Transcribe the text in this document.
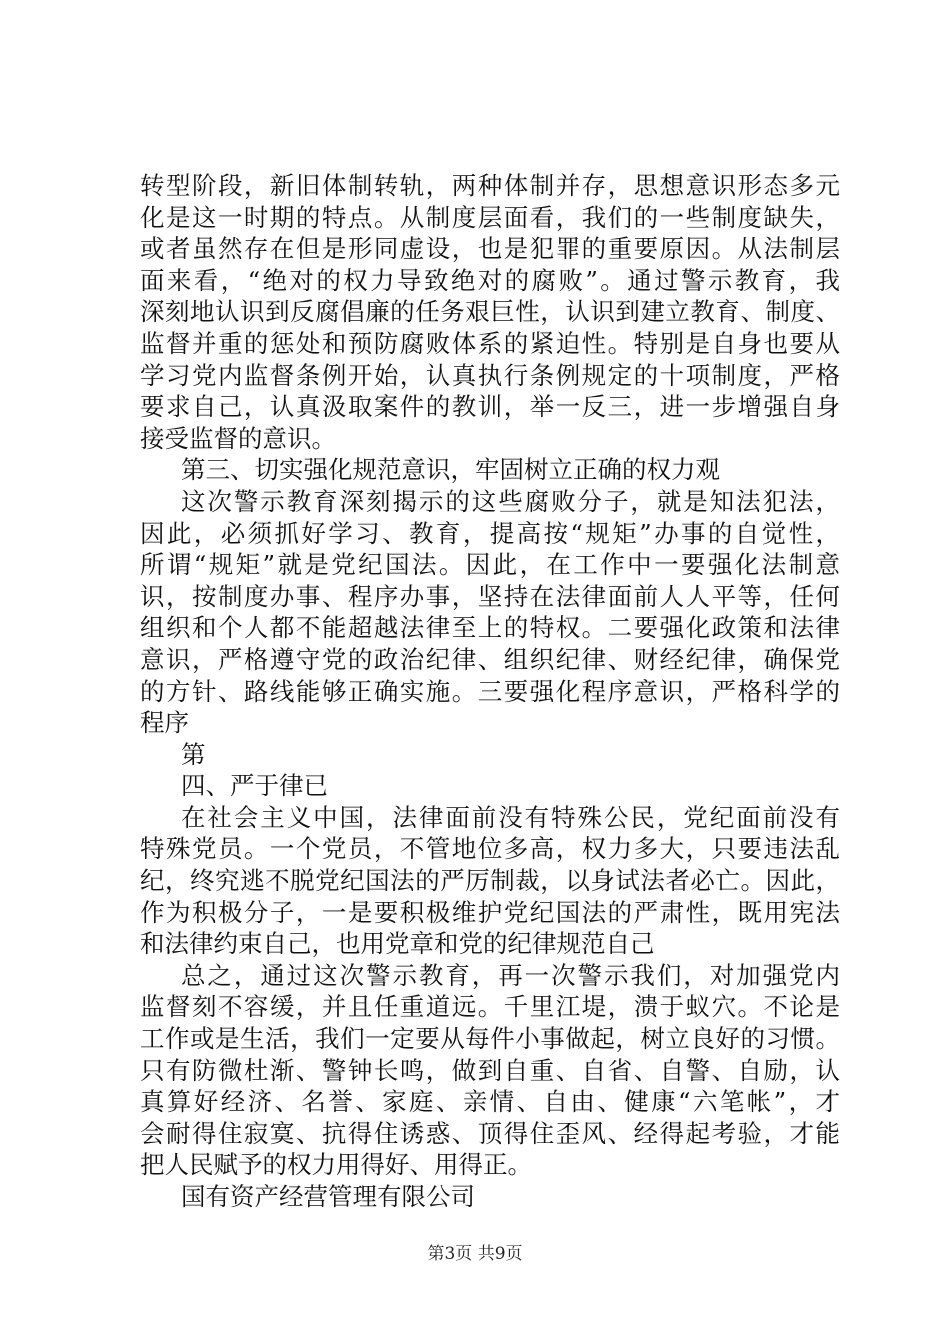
转型阶段，新旧体制转轨，两种体制并存，思想意识形态多元
化是这一时期的特点。从制度层面看，我们的一些制度缺失，
或者虽然存在但是形同虚设，也是犯罪的重要原因。从法制层
面来看，“绝对的权力导致绝对的腐败”。通过警示教育，我
深刻地认识到反腐倡廉的任务艰巨性，认识到建立教育、制度、
监督并重的惩处和预防腐败体系的紧迫性。特别是自身也要从
学习党内监督条例开始，认真执行条例规定的十项制度，严格
要求自己，认真汲取案件的教训，举一反三，进一步增强自身
接受监督的意识。
第三、切实强化规范意识，牢固树立正确的权力观
这次警示教育深刻揭示的这些腐败分子，就是知法犯法，
因此，必须抓好学习、教育，提高按“规矩”办事的自觉性，
所谓“规矩”就是党纪国法。因此，在工作中一要强化法制意
识，按制度办事、程序办事，坚持在法律面前人人平等，任何
组织和个人都不能超越法律至上的特权。二要强化政策和法律
意识，严格遵守党的政治纪律、组织纪律、财经纪律，确保党
的方针、路线能够正确实施。三要强化程序意识，严格科学的
程序
第
四、严于律已
在社会主义中国，法律面前没有特殊公民，党纪面前没有
特殊党员。一个党员，不管地位多高，权力多大，只要违法乱
纪，终究逃不脱党纪国法的严厉制裁，以身试法者必亡。因此，
作为积极分子，一是要积极维护党纪国法的严肃性，既用宪法
和法律约束自己，也用党章和党的纪律规范自己
总之，通过这次警示教育，再一次警示我们，对加强党内
监督刻不容缓，并且任重道远。千里江堤，溃于蚁穴。不论是
工作或是生活，我们一定要从每件小事做起，树立良好的习惯。
只有防微杜渐、警钟长鸣，做到自重、自省、自警、自励，认
真算好经济、名誉、家庭、亲情、自由、健康“六笔帐”，才
会耐得住寂寞、抗得住诱惑、顶得住歪风、经得起考验，才能
把人民赋予的权力用得好、用得正。
国有资产经营管理有限公司
第3页 共9页
